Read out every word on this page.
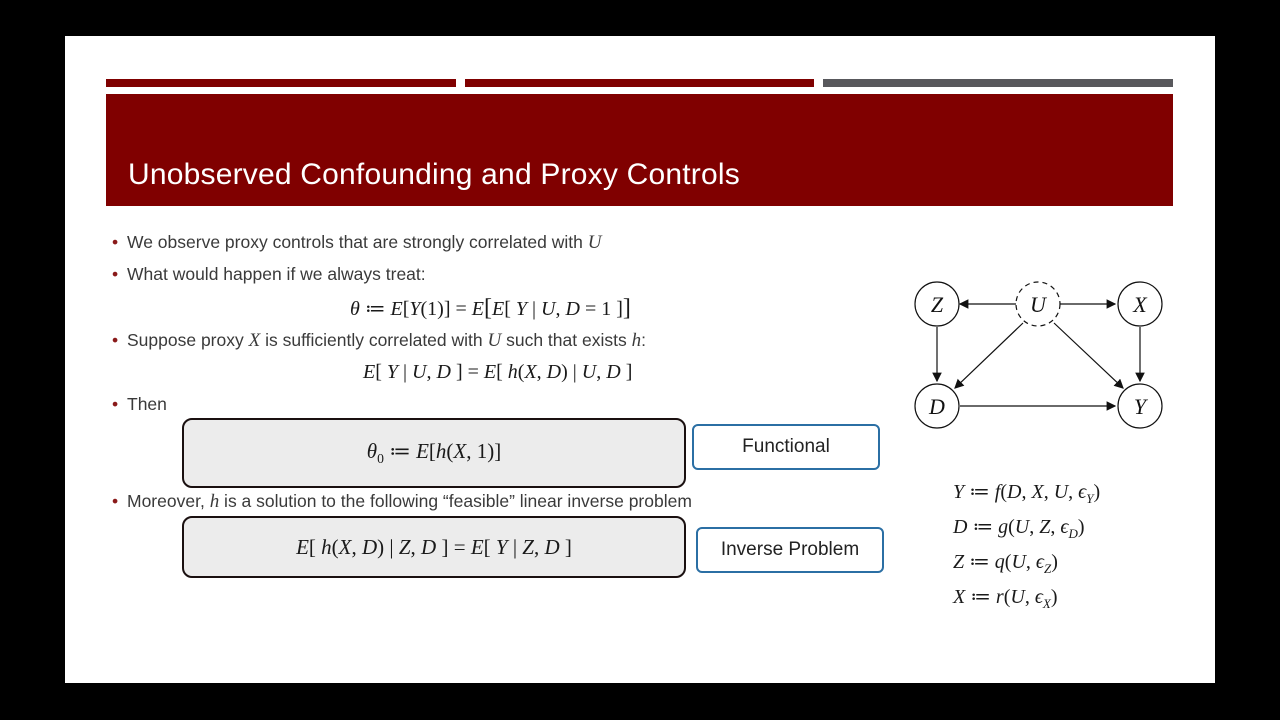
Unobserved Confounding and Proxy Controls
• We observe proxy controls that are strongly correlated with U
• What would happen if we always treat:
θ ≔ E[Y(1)] = E[E[ Y | U, D = 1 ]]
• Suppose proxy X is sufficiently correlated with U such that exists h:
E[ Y | U, D ] = E[ h(X, D) | U, D ]
• Then
$\theta_0$ ≔ E[h(X, 1)]	Functional
• Moreover, h is a solution to the following “feasible” linear inverse problem
E[ h(X, D) | Z, D ] = E[ Y | Z, D ]	Inverse Problem
Z	U	X
D	Y
Y ≔ f(D, X, U, $\epsilon_Y$)
D ≔ g(U, Z, $\epsilon_D$)
Z ≔ q(U, $\epsilon_Z$)
X ≔ r(U, $\epsilon_X$)
